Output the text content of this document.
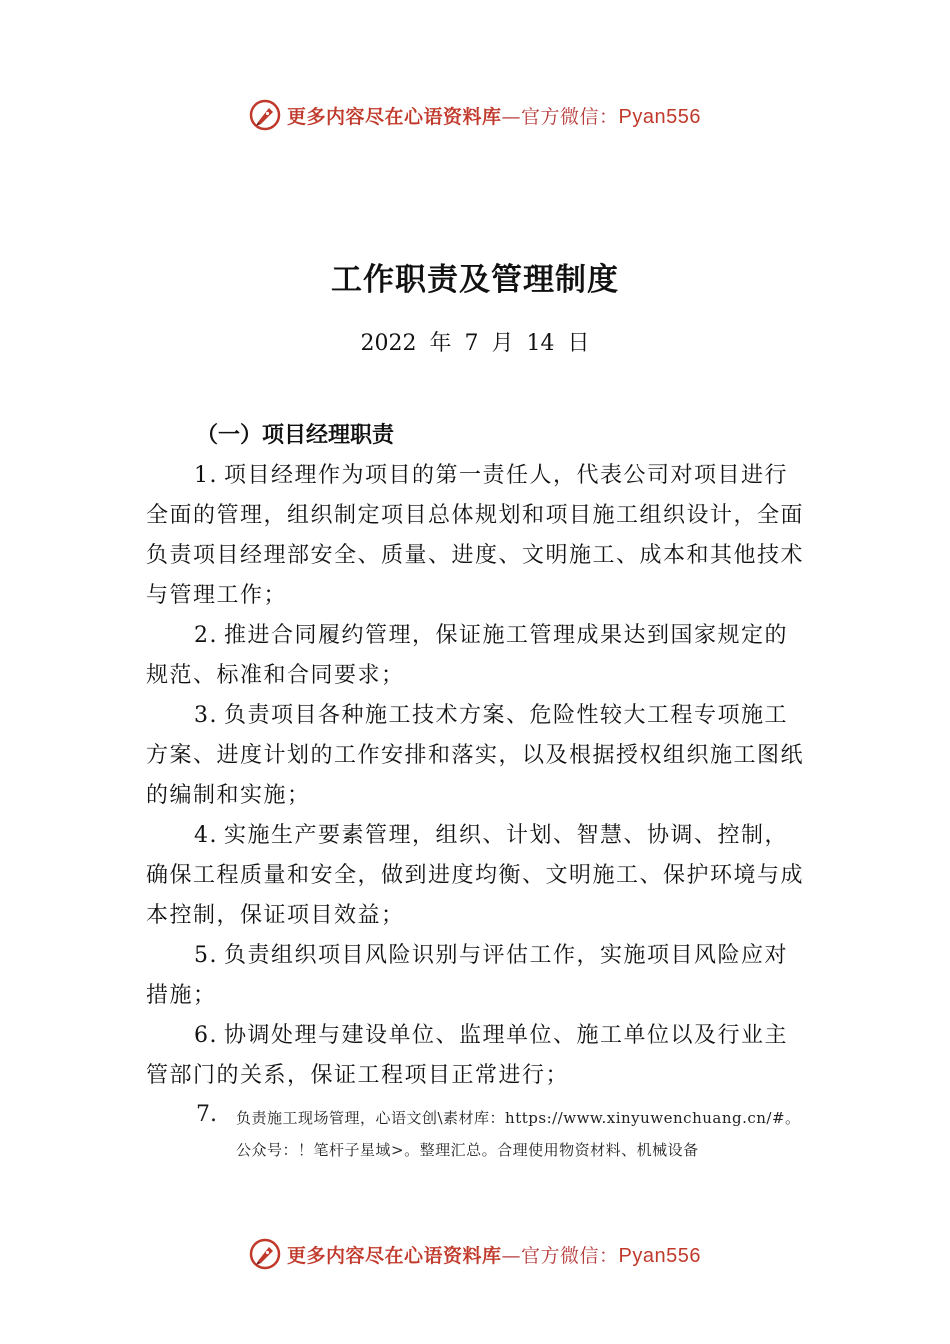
更多内容尽在心语资料库—官方微信：Pyan556
工作职责及管理制度
2022 年 7 月 14 日
（一）项目经理职责

1. 项目经理作为项目的第一责任人，代表公司对项目进行全面的管理，组织制定项目总体规划和项目施工组织设计，全面负责项目经理部安全、质量、进度、文明施工、成本和其他技术与管理工作；

2. 推进合同履约管理，保证施工管理成果达到国家规定的规范、标准和合同要求；

3. 负责项目各种施工技术方案、危险性较大工程专项施工方案、进度计划的工作安排和落实，以及根据授权组织施工图纸的编制和实施；

4. 实施生产要素管理，组织、计划、智慧、协调、控制，确保工程质量和安全，做到进度均衡、文明施工、保护环境与成本控制，保证项目效益；

5. 负责组织项目风险识别与评估工作，实施项目风险应对措施；

6. 协调处理与建设单位、监理单位、施工单位以及行业主管部门的关系，保证工程项目正常进行；

7. 负责施工现场管理，心语文创\素材库：https://www.xinyuwenchuang.cn/#。
公众号：！笔杆子星域>。整理汇总。合理使用物资材料、机械设备
更多内容尽在心语资料库—官方微信：Pyan556
